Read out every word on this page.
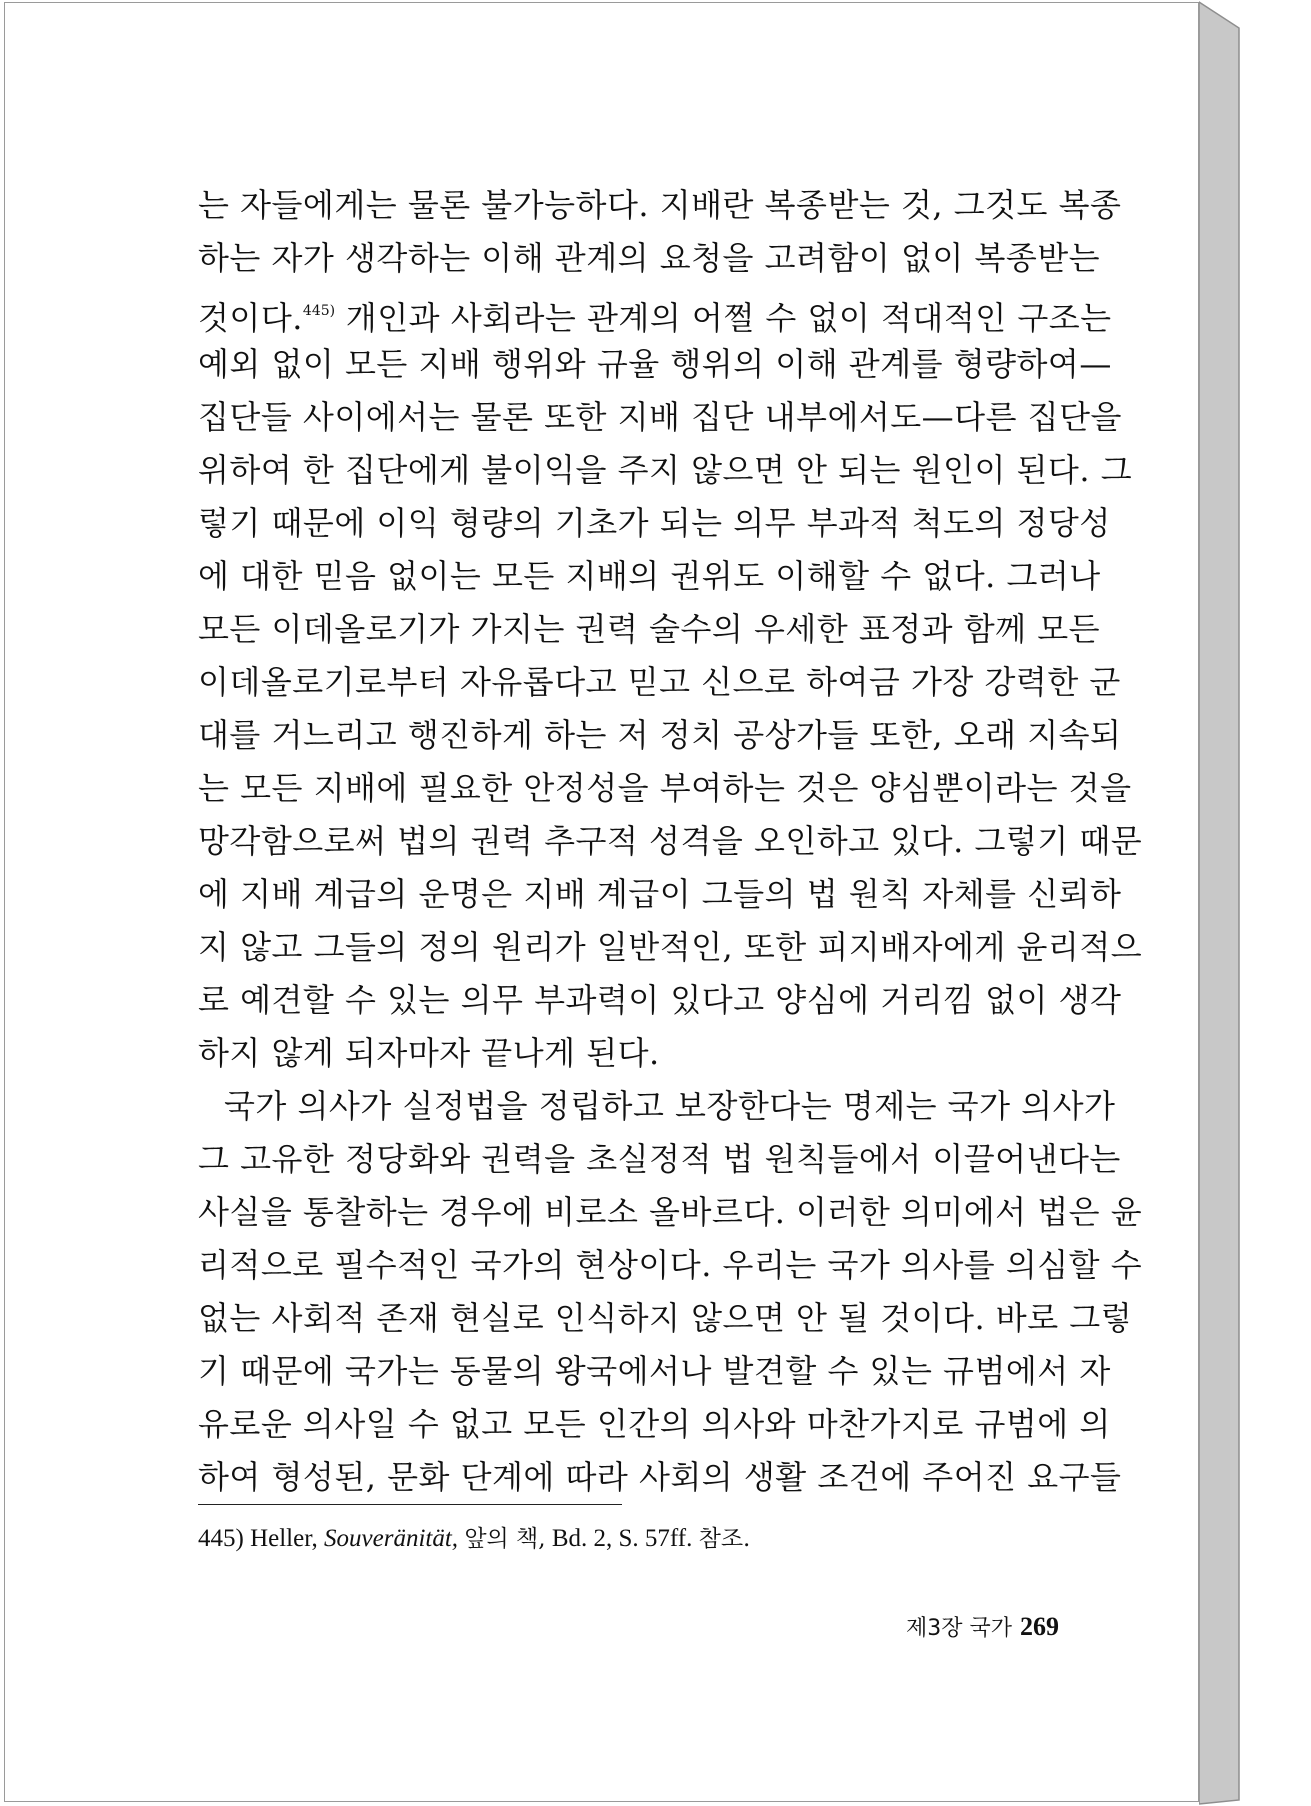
는 자들에게는 물론 불가능하다. 지배란 복종받는 것, 그것도 복종
하는 자가 생각하는 이해 관계의 요청을 고려함이 없이 복종받는
것이다.$^{445)}$ 개인과 사회라는 관계의 어쩔 수 없이 적대적인 구조는
예외 없이 모든 지배 행위와 규율 행위의 이해 관계를 형량하여—
집단들 사이에서는 물론 또한 지배 집단 내부에서도—다른 집단을
위하여 한 집단에게 불이익을 주지 않으면 안 되는 원인이 된다. 그
렇기 때문에 이익 형량의 기초가 되는 의무 부과적 척도의 정당성
에 대한 믿음 없이는 모든 지배의 권위도 이해할 수 없다. 그러나
모든 이데올로기가 가지는 권력 술수의 우세한 표정과 함께 모든
이데올로기로부터 자유롭다고 믿고 신으로 하여금 가장 강력한 군
대를 거느리고 행진하게 하는 저 정치 공상가들 또한, 오래 지속되
는 모든 지배에 필요한 안정성을 부여하는 것은 양심뿐이라는 것을
망각함으로써 법의 권력 추구적 성격을 오인하고 있다. 그렇기 때문
에 지배 계급의 운명은 지배 계급이 그들의 법 원칙 자체를 신뢰하
지 않고 그들의 정의 원리가 일반적인, 또한 피지배자에게 윤리적으
로 예견할 수 있는 의무 부과력이 있다고 양심에 거리낌 없이 생각
하지 않게 되자마자 끝나게 된다.
국가 의사가 실정법을 정립하고 보장한다는 명제는 국가 의사가
그 고유한 정당화와 권력을 초실정적 법 원칙들에서 이끌어낸다는
사실을 통찰하는 경우에 비로소 올바르다. 이러한 의미에서 법은 윤
리적으로 필수적인 국가의 현상이다. 우리는 국가 의사를 의심할 수
없는 사회적 존재 현실로 인식하지 않으면 안 될 것이다. 바로 그렇
기 때문에 국가는 동물의 왕국에서나 발견할 수 있는 규범에서 자
유로운 의사일 수 없고 모든 인간의 의사와 마찬가지로 규범에 의
하여 형성된, 문화 단계에 따라 사회의 생활 조건에 주어진 요구들
445) Heller, Souveränität, 앞의 책, Bd. 2, S. 57ff. 참조.
제3장 국가 269
